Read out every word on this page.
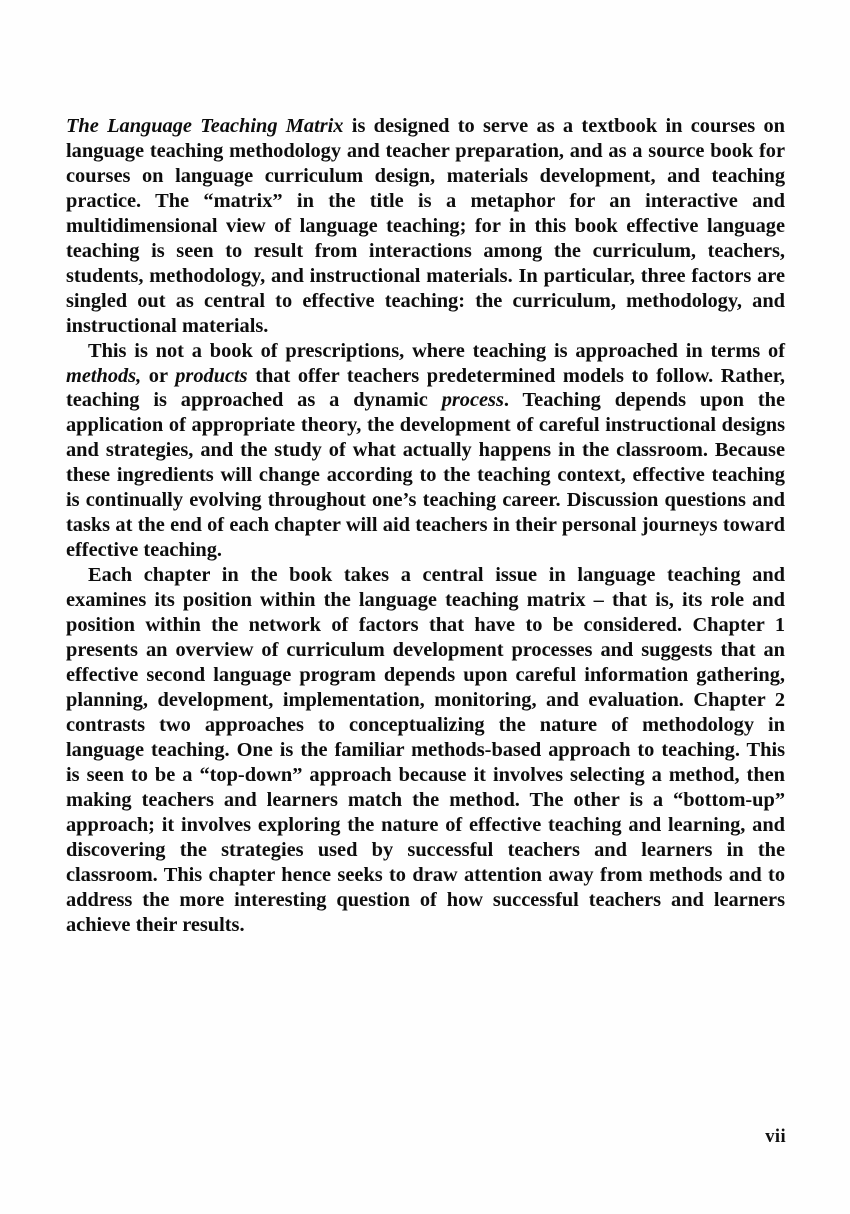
The Language Teaching Matrix is designed to serve as a textbook in courses on language teaching methodology and teacher preparation, and as a source book for courses on language curriculum design, materials development, and teaching practice. The “matrix” in the title is a metaphor for an interactive and multidimensional view of language teaching; for in this book effective language teaching is seen to result from interactions among the curriculum, teachers, students, methodology, and instructional materials. In particular, three factors are singled out as central to effective teaching: the curriculum, methodology, and instructional materials.

This is not a book of prescriptions, where teaching is approached in terms of methods, or products that offer teachers predetermined models to follow. Rather, teaching is approached as a dynamic process. Teaching depends upon the application of appropriate theory, the development of careful instructional designs and strategies, and the study of what actually happens in the classroom. Because these ingredients will change according to the teaching context, effective teaching is continually evolving throughout one’s teaching career. Discussion questions and tasks at the end of each chapter will aid teachers in their personal journeys toward effective teaching.

Each chapter in the book takes a central issue in language teaching and examines its position within the language teaching matrix – that is, its role and position within the network of factors that have to be considered. Chapter 1 presents an overview of curriculum development processes and suggests that an effective second language program depends upon careful information gathering, planning, development, implementation, monitoring, and evaluation. Chapter 2 contrasts two approaches to conceptualizing the nature of methodology in language teaching. One is the familiar methods-based approach to teaching. This is seen to be a “top-down” approach because it involves selecting a method, then making teachers and learners match the method. The other is a “bottom-up” approach; it involves exploring the nature of effective teaching and learning, and discovering the strategies used by successful teachers and learners in the classroom. This chapter hence seeks to draw attention away from methods and to address the more interesting question of how successful teachers and learners achieve their results.

vii
